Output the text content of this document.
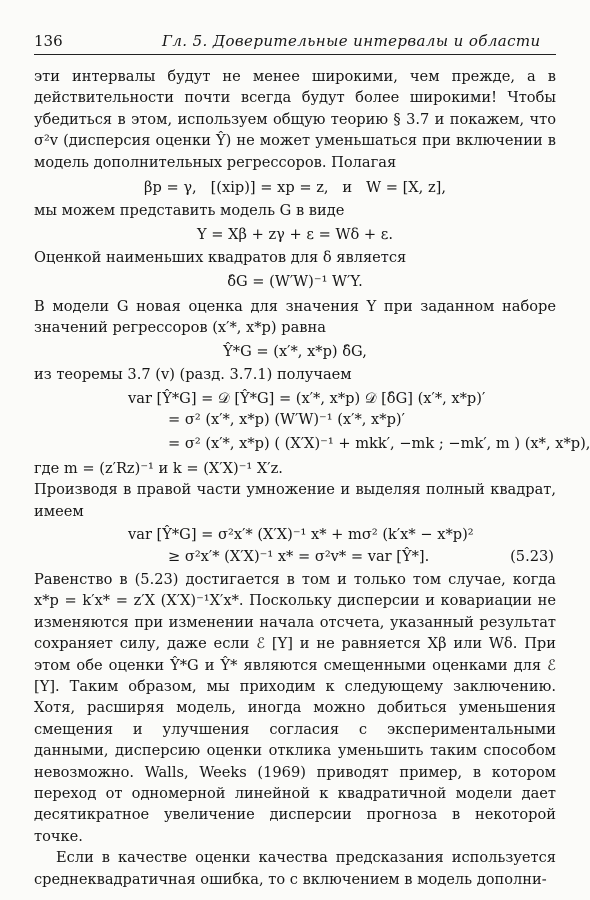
136	Гл. 5. Доверительные интервалы и области

эти интервалы будут не менее широкими, чем прежде, а в действительности почти всегда будут более широкими! Чтобы убедиться в этом, используем общую теорию § 3.7 и покажем, что σ²v (дисперсия оценки Ŷ) не может уменьшаться при включении в модель дополнительных регрессоров. Полагая

βp = γ,   [(xip)] = xp = z,   и   W = [X, z],

мы можем представить модель G в виде

Y = Xβ + zγ + ε = Wδ + ε.

Оценкой наименьших квадратов для δ является

δ̂G = (W′W)⁻¹ W′Y.

В модели G новая оценка для значения Y при заданном наборе значений регрессоров (x′*, x*p) равна

Ŷ*G = (x′*, x*p) δ̂G,

из теоремы 3.7 (v) (разд. 3.7.1) получаем

var [Ŷ*G] = 𝒟 [Ŷ*G] = (x′*, x*p) 𝒟 [δ̂G] (x′*, x*p)′

= σ² (x′*, x*p) (W′W)⁻¹ (x′*, x*p)′

= σ² (x′*, x*p) ( (X′X)⁻¹ + mkk′, −mk ; −mk′, m ) (x*, x*p),

где m = (z′Rz)⁻¹ и k = (X′X)⁻¹ X′z.

Производя в правой части умножение и выделяя полный квадрат, имеем

var [Ŷ*G] = σ²x′* (X′X)⁻¹ x* + mσ² (k′x* − x*p)²

≥ σ²x′* (X′X)⁻¹ x* = σ²v* = var [Ŷ*].	(5.23)

Равенство в (5.23) достигается в том и только том случае, когда x*p = k′x* = z′X (X′X)⁻¹X′x*. Поскольку дисперсии и ковариации не изменяются при изменении начала отсчета, указанный результат сохраняет силу, даже если ℰ [Y] и не равняется Xβ или Wδ. При этом обе оценки Ŷ*G и Ŷ* являются смещенными оценками для ℰ [Y]. Таким образом, мы приходим к следующему заключению. Хотя, расширяя модель, иногда можно добиться уменьшения смещения и улучшения согласия с экспериментальными данными, дисперсию оценки отклика уменьшить таким способом невозможно. Walls, Weeks (1969) приводят пример, в котором переход от одномерной линейной к квадратичной модели дает десятикратное увеличение дисперсии прогноза в некоторой точке.

Если в качестве оценки качества предсказания используется среднеквадратичная ошибка, то с включением в модель дополни-
